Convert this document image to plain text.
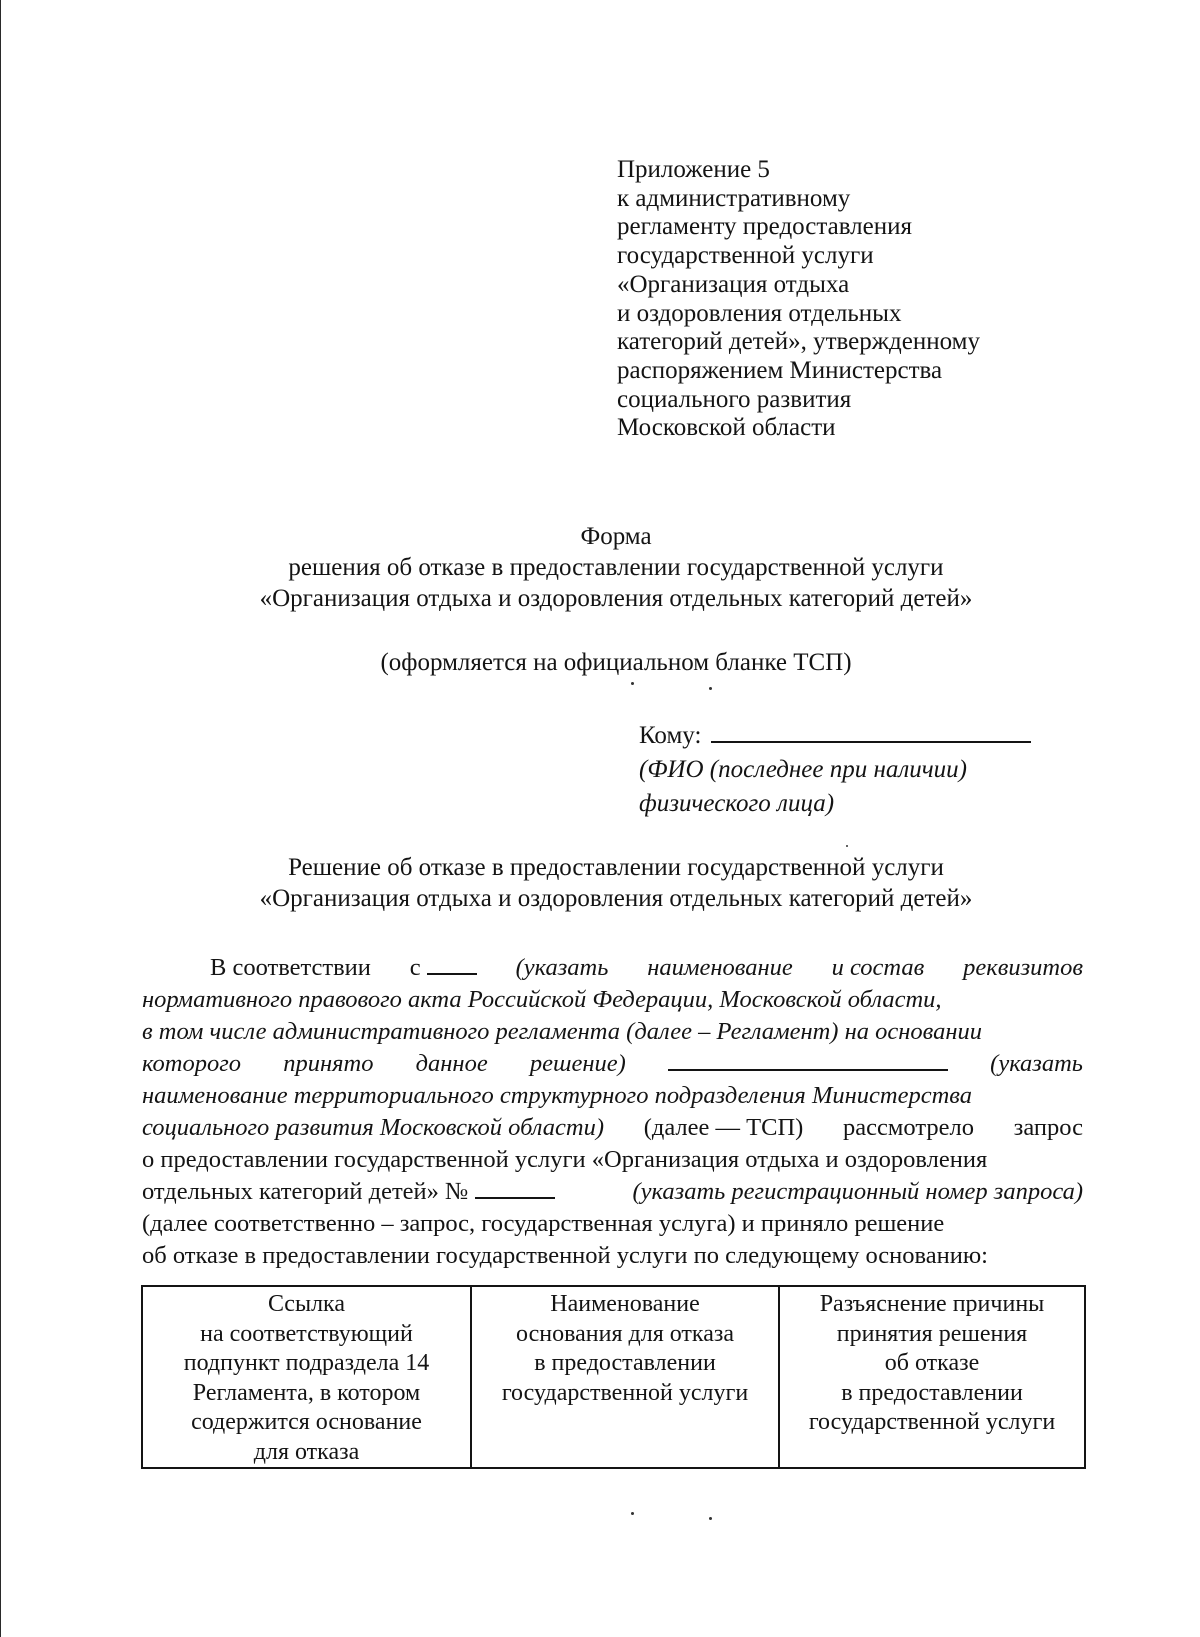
Приложение 5
к административному
регламенту предоставления
государственной услуги
«Организация отдыха
и оздоровления отдельных
категорий детей», утвержденному
распоряжением Министерства
социального развития
Московской области
Форма
решения об отказе в предоставлении государственной услуги
«Организация отдыха и оздоровления отдельных категорий детей»
(оформляется на официальном бланке ТСП)
Кому:
(ФИО (последнее при наличии)
физического лица)
Решение об отказе в предоставлении государственной услуги
«Организация отдыха и оздоровления отдельных категорий детей»
В соответствии с	(указать наименование и состав реквизитов
нормативного правового акта Российской Федерации, Московской области,
в том числе административного регламента (далее – Регламент) на основании
которого принято данное решение)	(указать
наименование территориального структурного подразделения Министерства
социального развития Московской области) (далее — ТСП) рассмотрело запрос
о предоставлении государственной услуги «Организация отдыха и оздоровления
отдельных категорий детей» №	(указать регистрационный номер запроса)
(далее соответственно – запрос, государственная услуга) и приняло решение
об отказе в предоставлении государственной услуги по следующему основанию:
Ссылка
на соответствующий
подпункт подраздела 14
Регламента, в котором
содержится основание
для отказа

Наименование
основания для отказа
в предоставлении
государственной услуги

Разъяснение причины
принятия решения
об отказе
в предоставлении
государственной услуги
